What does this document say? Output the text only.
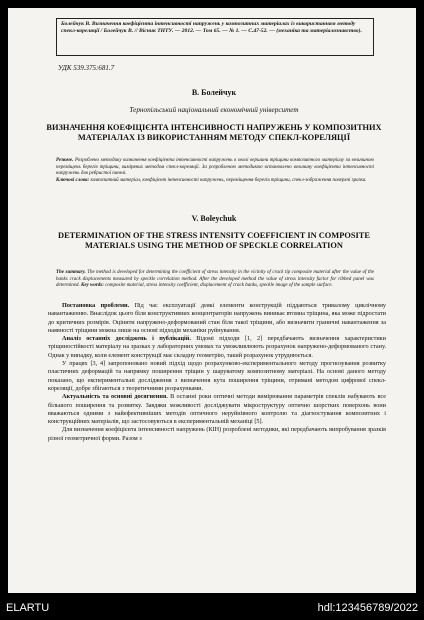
Болейчук В. Визначення коефіцієнта інтенсивності напружень у композитних матеріалах із використанням методу спекл-кореляції / Болейчук В. // Вісник ТНТУ. — 2012. — Том 65. — № 1. — С.47-52. — (механіка та матеріалознавство).
УДК 539.375:681.7
В. Болейчук
Тернопільський національний економічний університет
ВИЗНАЧЕННЯ КОЕФІЦІЄНТА ІНТЕНСИВНОСТІ НАПРУЖЕНЬ У КОМПОЗИТНИХ МАТЕРІАЛАХ ІЗ ВИКОРИСТАННЯМ МЕТОДУ СПЕКЛ-КОРЕЛЯЦІЇ
Резюме. Розроблено методику визначення коефіцієнта інтенсивності напружень в околі вершини тріщини композитного матеріалу за величиною переміщень берегів тріщини, виміряних методом спекл-кореляції. За розробленою методикою встановлено величину коефіцієнта інтенсивності напружень для ребристої панелі.
Ключові слова: композитний матеріал, коефіцієнт інтенсивності напружень, переміщення берегів тріщини, спекл-зображення поверхні зразка.
V. Boleychuk
DETERMINATION OF THE STRESS INTENSITY COEFFICIENT IN COMPOSITE MATERIALS USING THE METHOD OF SPECKLE CORRELATION
The summary. The method is developed for determining the coefficient of stress intensity in the vicinity of crack tip composite material after the value of the banks crack displacements measured by speckle correlation method. After the developed method the value of stress intensity factor for ribbed panel was determined. Key words: composite material, stress intensity coefficient, displacement of crack banks, speckle image of the sample surface.

Постановка проблеми. Під час експлуатації деякі елементи конструкцій піддаються тривалому циклічному навантаженню. Внаслідок цього біля конструктивних концентраторів напружень виникає втомна тріщина, яка може підростати до критичних розмірів. Оцінити напружено-деформований стан біля такої тріщини, або визначити граничні навантаження за наявності тріщини можна лише на основі підходів механіки руйнування.

Аналіз останніх досліджень і публікацій. Відомі підходи [1, 2] передбачають визначення характеристики тріщиностійкості матеріалу на зразках у лабораторних умовах та уможливлюють розрахунок напружено-деформованого стану. Однак у випадку, коли елемент конструкції має складну геометрію, такий розрахунок утруднюється.

У працях [3, 4] запропоновано новий підхід щодо розрахунково-експериментального методу прогнозування розвитку пластичних деформацій та напрямку поширення тріщин у шаруватому композитному матеріалі. На основі даного методу показано, що експериментальні дослідження з визначення кута поширення тріщини, отримані методом цифрової спекл-кореляції, добре збігаються з теоретичними розрахунками.

Актуальність та основні досягнення. В останні роки оптичні методи вимірювання параметрів спеклів набувають все більшого поширення та розвитку. Завдяки можливості досліджувати мікроструктуру оптично шорстких поверхонь вони вважаються одними з найефективніших методів оптичного неруйнівного контролю та діагностування композитних і конструкційних матеріалів, що застосовуються в експериментальній механіці [5].

Для визначення коефіцієнта інтенсивності напружень (КІН) розроблені методики, які передбачають випробування зразків різної геометричної форми. Разом з

ELARTU	hdl:123456789/2022
